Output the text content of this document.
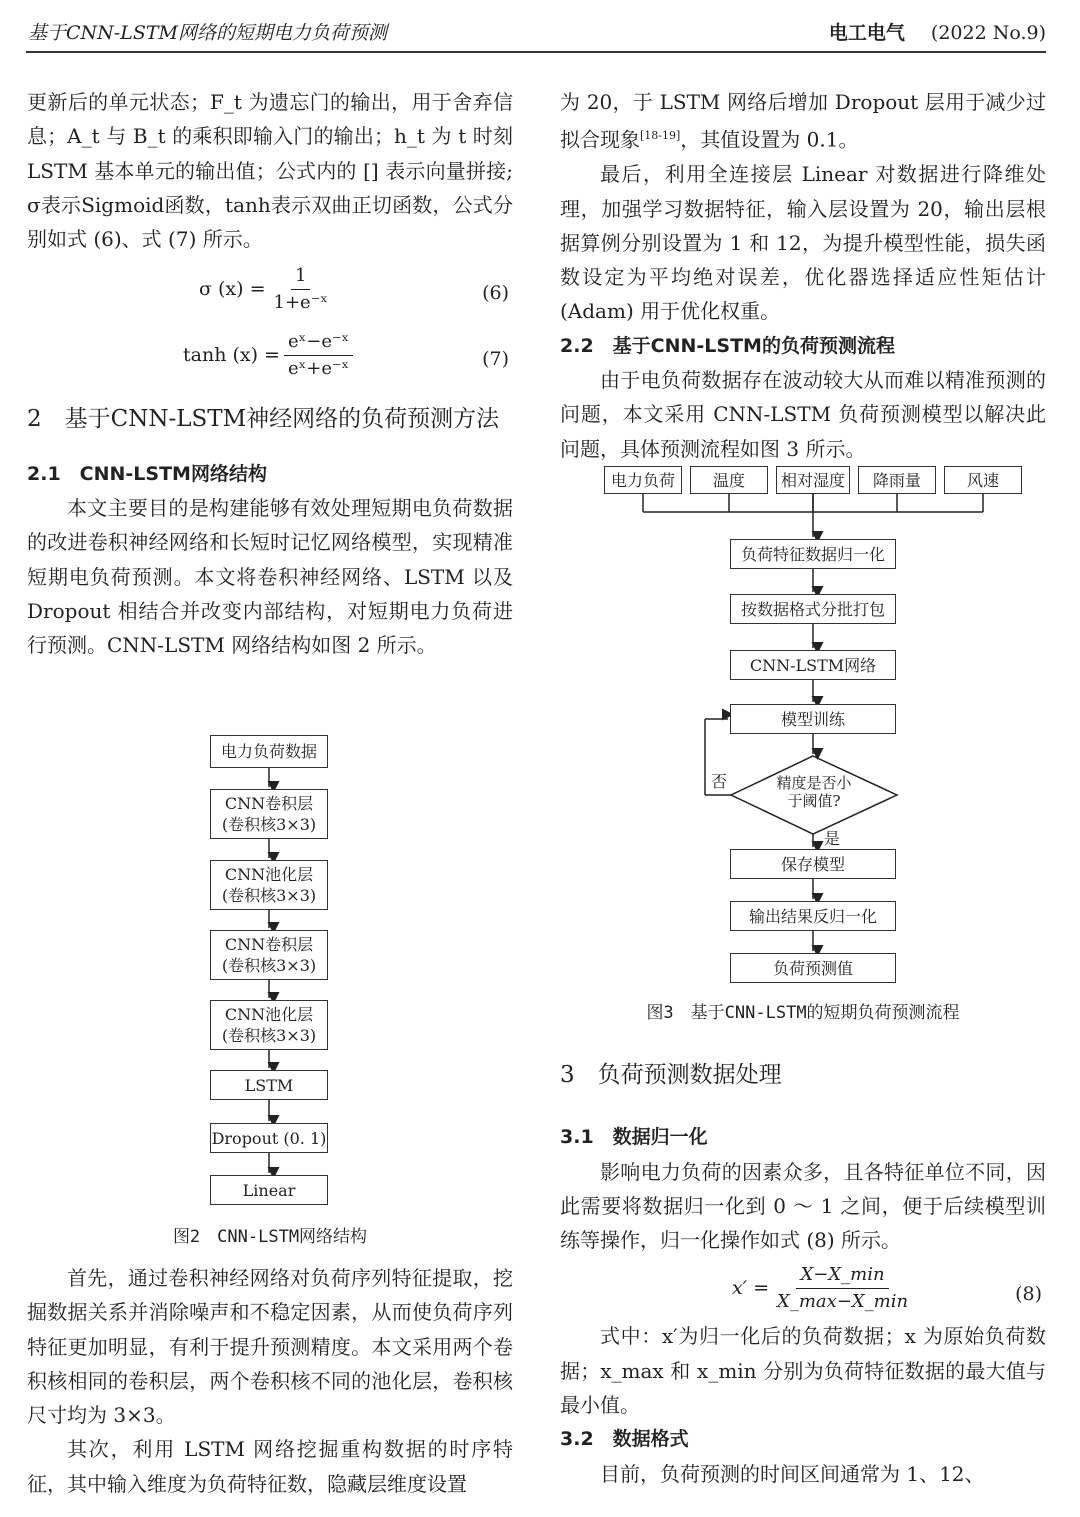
基于CNN-LSTM网络的短期电力负荷预测	电工电气 (2022 No.9)

更新后的单元状态；F_t 为遗忘门的输出，用于舍弃信息；A_t 与 B_t 的乘积即输入门的输出；h_t 为 t 时刻 LSTM 基本单元的输出值；公式内的 [] 表示向量拼接; σ表示Sigmoid函数，tanh表示双曲正切函数，公式分别如式 (6)、式 (7) 所示。

σ $(x) = \frac{1}{\text{1+e⁻ˣ}}$	(6)
$\tanh (x) = \frac{\text{eˣ−e⁻ˣ}}{\text{eˣ+e⁻ˣ}}$	(7)

2　基于CNN-LSTM神经网络的负荷预测方法

2.1　CNN-LSTM网络结构

本文主要目的是构建能够有效处理短期电负荷数据的改进卷积神经网络和长短时记忆网络模型，实现精准短期电负荷预测。本文将卷积神经网络、LSTM 以及 Dropout 相结合并改变内部结构，对短期电力负荷进行预测。CNN-LSTM 网络结构如图 2 所示。

电力负荷数据
CNN卷积层
(卷积核3×3)
CNN池化层
(卷积核3×3)
CNN卷积层
(卷积核3×3)
CNN池化层
(卷积核3×3)
LSTM
Dropout (0. 1)
Linear
图2　CNN-LSTM网络结构

首先，通过卷积神经网络对负荷序列特征提取，挖掘数据关系并消除噪声和不稳定因素，从而使负荷序列特征更加明显，有利于提升预测精度。本文采用两个卷积核相同的卷积层，两个卷积核不同的池化层，卷积核尺寸均为 3×3。

其次，利用 LSTM 网络挖掘重构数据的时序特征，其中输入维度为负荷特征数，隐藏层维度设置

为 20，于 LSTM 网络后增加 Dropout 层用于减少过拟合现象[18-19]，其值设置为 0.1。

最后，利用全连接层 Linear 对数据进行降维处理，加强学习数据特征，输入层设置为 20，输出层根据算例分别设置为 1 和 12，为提升模型性能，损失函数设定为平均绝对误差，优化器选择适应性矩估计 (Adam) 用于优化权重。

2.2　基于CNN-LSTM的负荷预测流程

由于电负荷数据存在波动较大从而难以精准预测的问题，本文采用 CNN-LSTM 负荷预测模型以解决此问题，具体预测流程如图 3 所示。

电力负荷	温度	相对湿度	降雨量	风速
负荷特征数据归一化
按数据格式分批打包
CNN-LSTM网络
模型训练
精度是否小
于阈值?
否
是
保存模型
输出结果反归一化
负荷预测值
图3　基于CNN-LSTM的短期负荷预测流程

3　负荷预测数据处理

3.1　数据归一化

影响电力负荷的因素众多，且各特征单位不同，因此需要将数据归一化到 0 ～ 1 之间，便于后续模型训练等操作，归一化操作如式 (8) 所示。

$x' = \frac{X-X\_\min}{X\_\max-X\_\min}$	(8)

式中：x′为归一化后的负荷数据；x 为原始负荷数据；x_max 和 x_min 分别为负荷特征数据的最大值与最小值。

3.2　数据格式

目前，负荷预测的时间区间通常为 1、12、
